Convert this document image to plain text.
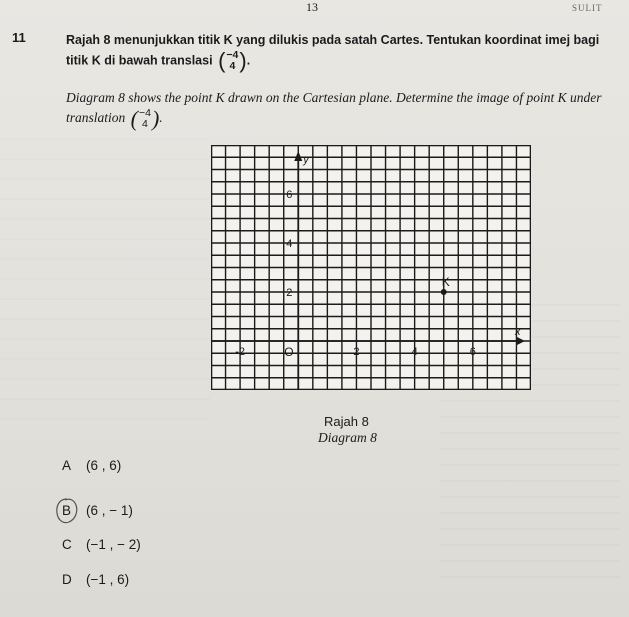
13	SULIT
11	Rajah 8 menunjukkan titik K yang dilukis pada satah Cartes. Tentukan koordinat imej bagi titik K di bawah translasi ( −4
4 ) .
Diagram 8 shows the point K drawn on the Cartesian plane. Determine the image of point K under translation ( −4
4 ) .
x
y
O
-2	2	4	6
2
4
6
K
Rajah 8
Diagram 8
A	(6 , 6)
B	(6 , − 1)
C	(−1 , − 2)
D	(−1 , 6)
